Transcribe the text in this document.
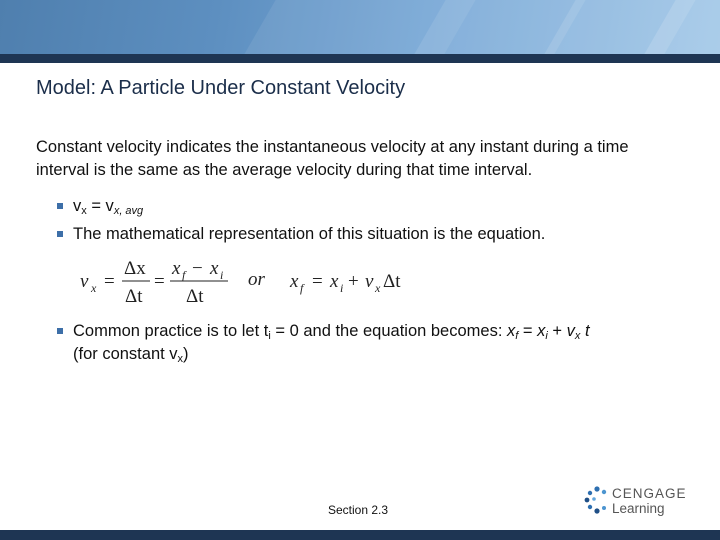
Model: A Particle Under Constant Velocity
Constant velocity indicates the instantaneous velocity at any instant during a time interval is the same as the average velocity during that time interval.
$v_x = v_{x, avg}$
The mathematical representation of this situation is the equation.
v x =
Δx
Δt
=
x f − x i
Δt
or x f = x i + v x Δt
Common practice is to let $t_i = 0$ and the equation becomes: $x_f = x_i + v_x$ t
(for constant $v_x$)
Section 2.3
CENGAGE
Learning
